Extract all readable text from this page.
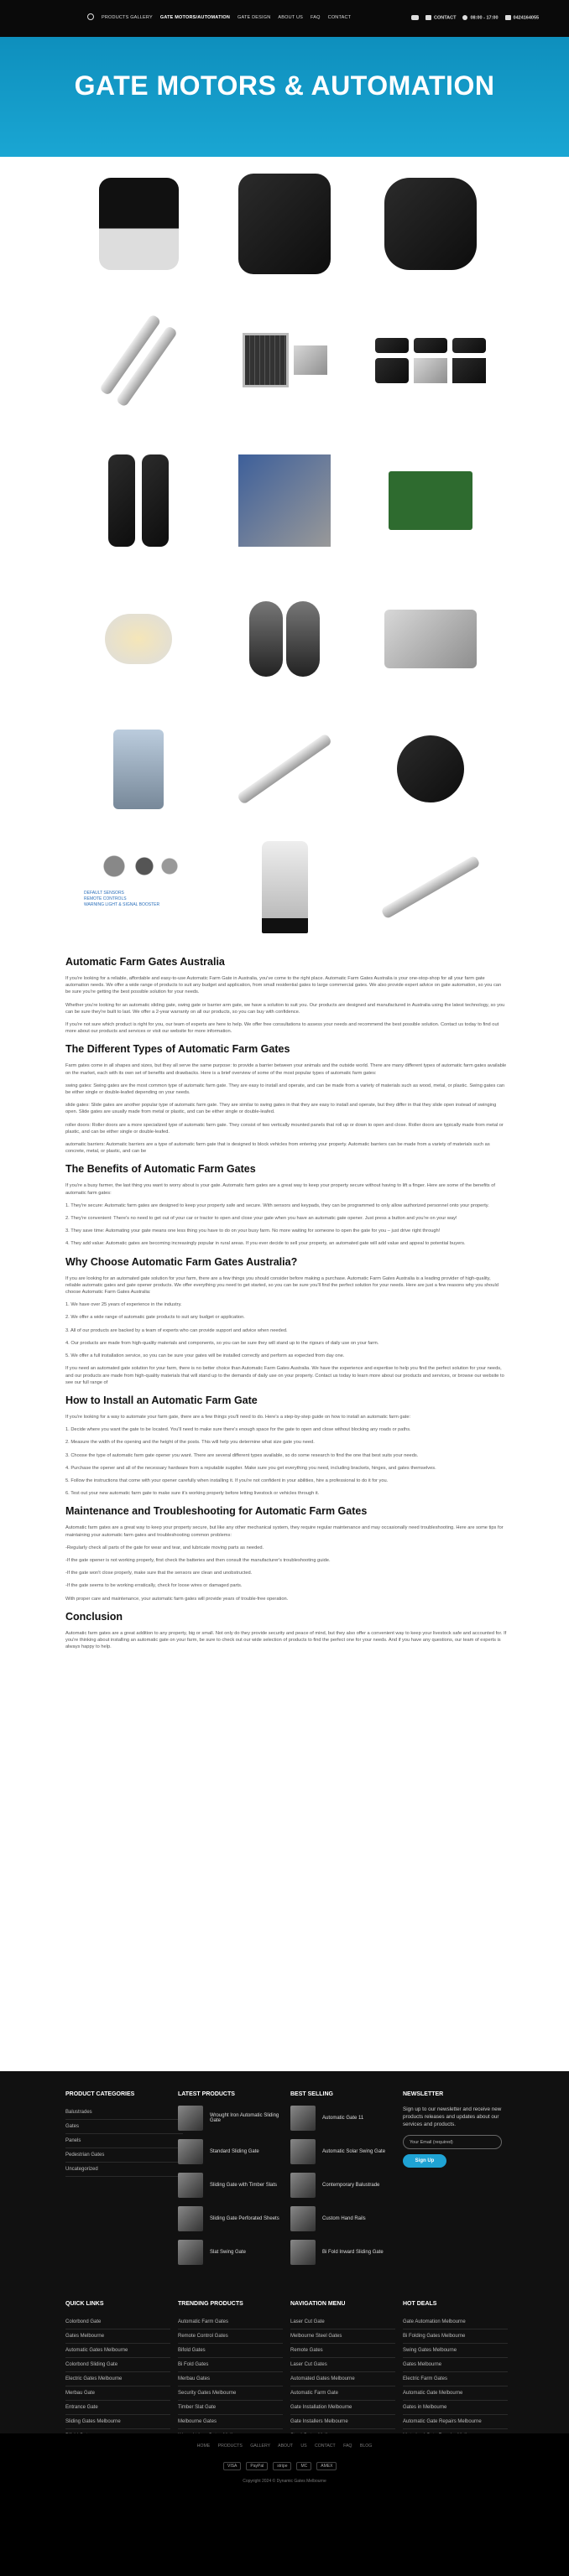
PRODUCTS GALLERY GATE MOTORS/AUTOMATION GATE DESIGN ABOUT US FAQ CONTACT	CONTACT	08:00 - 17:00	0424164055
GATE MOTORS & AUTOMATION
DEFAULT SENSORS
REMOTE CONTROLS
WARNING LIGHT & SIGNAL BOOSTER
Automatic Farm Gates Australia

If you're looking for a reliable, affordable and easy-to-use Automatic Farm Gate in Australia, you've come to the right place. Automatic Farm Gates Australia is your one-stop-shop for all your farm gate automation needs. We offer a wide range of products to suit any budget and application, from small residential gates to large commercial gates. We also provide expert advice on gate automation, so you can be sure you're getting the best possible solution for your needs.

Whether you're looking for an automatic sliding gate, swing gate or barrier arm gate, we have a solution to suit you. Our products are designed and manufactured in Australia using the latest technology, so you can be sure they're built to last. We offer a 2-year warranty on all our products, so you can buy with confidence.

If you're not sure which product is right for you, our team of experts are here to help. We offer free consultations to assess your needs and recommend the best possible solution. Contact us today to find out more about our products and services or visit our website for more information.

The Different Types of Automatic Farm Gates

Farm gates come in all shapes and sizes, but they all serve the same purpose: to provide a barrier between your animals and the outside world. There are many different types of automatic farm gates available on the market, each with its own set of benefits and drawbacks. Here is a brief overview of some of the most popular types of automatic farm gates:

swing gates: Swing gates are the most common type of automatic farm gate. They are easy to install and operate, and can be made from a variety of materials such as wood, metal, or plastic. Swing gates can be either single or double-leafed depending on your needs.

slide gates: Slide gates are another popular type of automatic farm gate. They are similar to swing gates in that they are easy to install and operate, but they differ in that they slide open instead of swinging open. Slide gates are usually made from metal or plastic, and can be either single or double-leafed.

roller doors: Roller doors are a more specialized type of automatic farm gate. They consist of two vertically mounted panels that roll up or down to open and close. Roller doors are typically made from metal or plastic, and can be either single or double-leafed.

automatic barriers: Automatic barriers are a type of automatic farm gate that is designed to block vehicles from entering your property. Automatic barriers can be made from a variety of materials such as concrete, metal, or plastic, and can be

The Benefits of Automatic Farm Gates

If you're a busy farmer, the last thing you want to worry about is your gate. Automatic farm gates are a great way to keep your property secure without having to lift a finger. Here are some of the benefits of automatic farm gates:

1. They're secure: Automatic farm gates are designed to keep your property safe and secure. With sensors and keypads, they can be programmed to only allow authorized personnel onto your property.

2. They're convenient: There's no need to get out of your car or tractor to open and close your gate when you have an automatic gate opener. Just press a button and you're on your way!

3. They save time: Automating your gate means one less thing you have to do on your busy farm. No more waiting for someone to open the gate for you – just drive right through!

4. They add value: Automatic gates are becoming increasingly popular in rural areas. If you ever decide to sell your property, an automated gate will add value and appeal to potential buyers.

Why Choose Automatic Farm Gates Australia?

If you are looking for an automated gate solution for your farm, there are a few things you should consider before making a purchase. Automatic Farm Gates Australia is a leading provider of high-quality, reliable automatic gates and gate opener products. We offer everything you need to get started, so you can be sure you'll find the perfect solution for your needs. Here are just a few reasons why you should choose Automatic Farm Gates Australia:

1. We have over 25 years of experience in the industry.

2. We offer a wide range of automatic gate products to suit any budget or application.

3. All of our products are backed by a team of experts who can provide support and advice when needed.

4. Our products are made from high-quality materials and components, so you can be sure they will stand up to the rigours of daily use on your farm.

5. We offer a full installation service, so you can be sure your gates will be installed correctly and perform as expected from day one.

If you need an automated gate solution for your farm, there is no better choice than Automatic Farm Gates Australia. We have the experience and expertise to help you find the perfect solution for your needs, and our products are made from high-quality materials that will stand up to the demands of daily use on your property. Contact us today to learn more about our products and services, or browse our website to see our full range of

How to Install an Automatic Farm Gate

If you're looking for a way to automate your farm gate, there are a few things you'll need to do. Here's a step-by-step guide on how to install an automatic farm gate:

1. Decide where you want the gate to be located. You'll need to make sure there's enough space for the gate to open and close without blocking any roads or paths.

2. Measure the width of the opening and the height of the posts. This will help you determine what size gate you need.

3. Choose the type of automatic farm gate opener you want. There are several different types available, so do some research to find the one that best suits your needs.

4. Purchase the opener and all of the necessary hardware from a reputable supplier. Make sure you get everything you need, including brackets, hinges, and gates themselves.

5. Follow the instructions that come with your opener carefully when installing it. If you're not confident in your abilities, hire a professional to do it for you.

6. Test out your new automatic farm gate to make sure it's working properly before letting livestock or vehicles through it.

Maintenance and Troubleshooting for Automatic Farm Gates

Automatic farm gates are a great way to keep your property secure, but like any other mechanical system, they require regular maintenance and may occasionally need troubleshooting. Here are some tips for maintaining your automatic farm gates and troubleshooting common problems:

-Regularly check all parts of the gate for wear and tear, and lubricate moving parts as needed.

-If the gate opener is not working properly, first check the batteries and then consult the manufacturer's troubleshooting guide.

-If the gate won't close properly, make sure that the sensors are clean and unobstructed.

-If the gate seems to be working erratically, check for loose wires or damaged parts.

With proper care and maintenance, your automatic farm gates will provide years of trouble-free operation.

Conclusion

Automatic farm gates are a great addition to any property, big or small. Not only do they provide security and peace of mind, but they also offer a convenient way to keep your livestock safe and accounted for. If you're thinking about installing an automatic gate on your farm, be sure to check out our wide selection of products to find the perfect one for your needs. And if you have any questions, our team of experts is always happy to help.

PRODUCT CATEGORIES
Balustrades
Gates
Panels
Pedestrian Gates
Uncategorized
LATEST PRODUCTS
Wrought Iron Automatic Sliding Gate
Standard Sliding Gate
Sliding Gate with Timber Slats
Sliding Gate Perforated Sheets
Slat Swing Gate
BEST SELLING
Automatic Gate 11
Automatic Solar Swing Gate
Contemporary Balustrade
Custom Hand Rails
Bi Fold Inward Sliding Gate
NEWSLETTER

Sign up to our newsletter and receive new products releases and updates about our services and products.

Your Email (required)
Sign Up
QUICK LINKS
Colorbond Gate
Gates Melbourne
Automatic Gates Melbourne
Colorbond Sliding Gate
Electric Gates Melbourne
Merbau Gate
Entrance Gate
Sliding Gates Melbourne
TRENDING PRODUCTS
Automatic Farm Gates
Remote Control Gates
Bifold Gates
Bi Fold Gates
Merbau Gates
Security Gates Melbourne
Timber Slat Gate
Melbourne Gates
NAVIGATION MENU
Laser Cut Gate
Melbourne Steel Gates
Remote Gates
Laser Cut Gates
Automated Gates Melbourne
Automatic Farm Gate
Gate Installation Melbourne
Gate Installers Melbourne
HOT DEALS
Gate Automation Melbourne
Bi Folding Gates Melbourne
Swing Gates Melbourne
Gates Melbourne
Electric Farm Gates
Automatic Gate Melbourne
Gates in Melbourne
Automatic Gate Repairs Melbourne
HOME PRODUCTS GALLERY ABOUT US CONTACT FAQ BLOG
VISA	PayPal	stripe	MC	AMEX
Copyright 2024 © Dynamic Gates Melbourne
